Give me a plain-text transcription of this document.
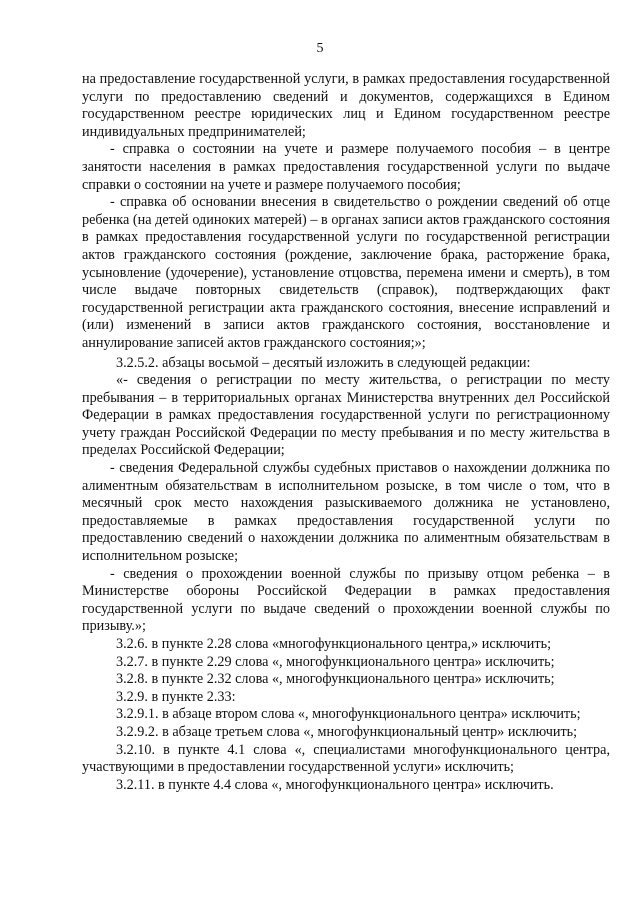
5

на предоставление государственной услуги, в рамках предоставления государственной услуги по предоставлению сведений и документов, содержащихся в Едином государственном реестре юридических лиц и Едином государственном реестре индивидуальных предпринимателей;

- справка о состоянии на учете и размере получаемого пособия – в центре занятости населения в рамках предоставления государственной услуги по выдаче справки о состоянии на учете и размере получаемого пособия;

- справка об основании внесения в свидетельство о рождении сведений об отце ребенка (на детей одиноких матерей) – в органах записи актов гражданского состояния в рамках предоставления государственной услуги по государственной регистрации актов гражданского состояния (рождение, заключение брака, расторжение брака, усыновление (удочерение), установление отцовства, перемена имени и смерть), в том числе выдаче повторных свидетельств (справок), подтверждающих факт государственной регистрации акта гражданского состояния, внесение исправлений и (или) изменений в записи актов гражданского состояния, восстановление и аннулирование записей актов гражданского состояния;»;

3.2.5.2. абзацы восьмой – десятый изложить в следующей редакции:

«- сведения о регистрации по месту жительства, о регистрации по месту пребывания – в территориальных органах Министерства внутренних дел Российской Федерации в рамках предоставления государственной услуги по регистрационному учету граждан Российской Федерации по месту пребывания и по месту жительства в пределах Российской Федерации;

- сведения Федеральной службы судебных приставов о нахождении должника по алиментным обязательствам в исполнительном розыске, в том числе о том, что в месячный срок место нахождения разыскиваемого должника не установлено, предоставляемые в рамках предоставления государственной услуги по предоставлению сведений о нахождении должника по алиментным обязательствам в исполнительном розыске;

- сведения о прохождении военной службы по призыву отцом ребенка – в Министерстве обороны Российской Федерации в рамках предоставления государственной услуги по выдаче сведений о прохождении военной службы по призыву.»;

3.2.6. в пункте 2.28 слова «многофункционального центра,» исключить;

3.2.7. в пункте 2.29 слова «, многофункционального центра» исключить;

3.2.8. в пункте 2.32 слова «, многофункционального центра» исключить;

3.2.9. в пункте 2.33:

3.2.9.1. в абзаце втором слова «, многофункционального центра» исключить;

3.2.9.2. в абзаце третьем слова «, многофункциональный центр» исключить;

3.2.10. в пункте 4.1 слова «, специалистами многофункционального центра, участвующими в предоставлении государственной услуги» исключить;

3.2.11. в пункте 4.4 слова «, многофункционального центра» исключить.
